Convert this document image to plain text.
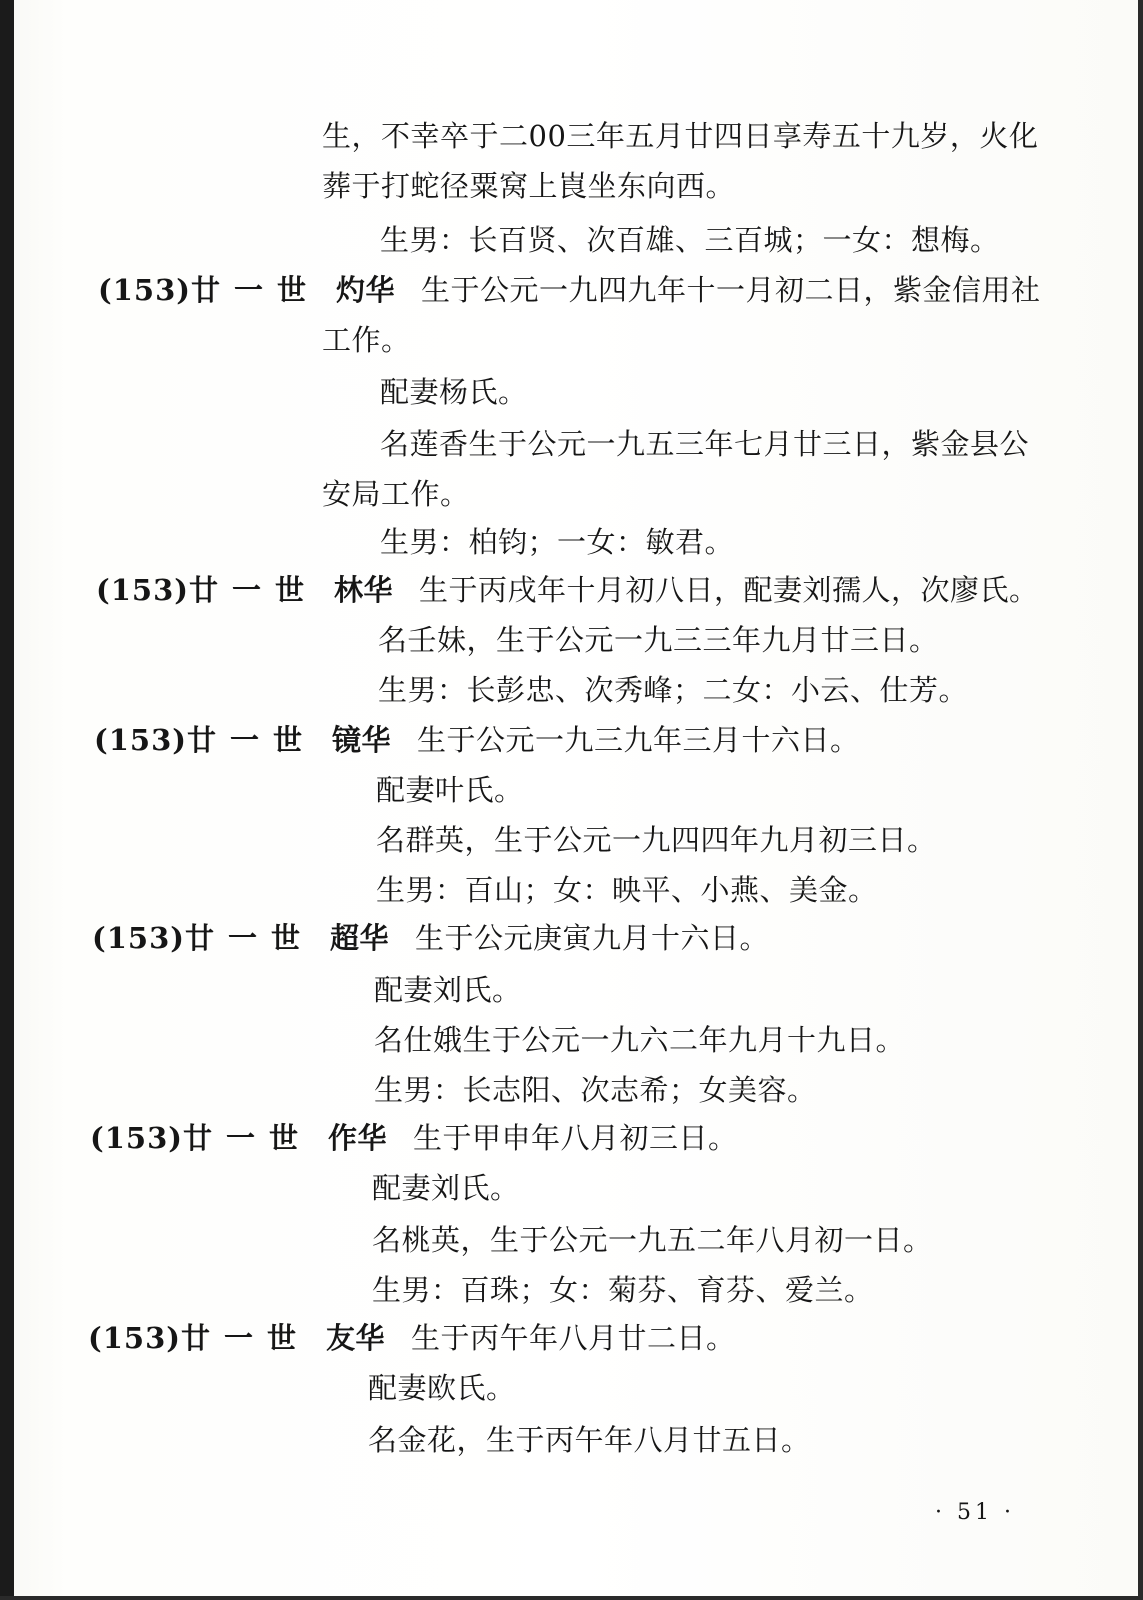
生，不幸卒于二00三年五月廿四日享寿五十九岁，火化
葬于打蛇径粟窝上崀坐东向西。
生男：长百贤、次百雄、三百城；一女：想梅。
(153)廿一世 灼华 生于公元一九四九年十一月初二日，紫金信用社
工作。
配妻杨氏。
名莲香生于公元一九五三年七月廿三日，紫金县公
安局工作。
生男：柏钧；一女：敏君。
(153)廿一世 林华 生于丙戌年十月初八日，配妻刘孺人，次廖氏。
名壬妹，生于公元一九三三年九月廿三日。
生男：长彭忠、次秀峰；二女：小云、仕芳。
(153)廿一世 镜华 生于公元一九三九年三月十六日。
配妻叶氏。
名群英，生于公元一九四四年九月初三日。
生男：百山；女：映平、小燕、美金。
(153)廿一世 超华 生于公元庚寅九月十六日。
配妻刘氏。
名仕娥生于公元一九六二年九月十九日。
生男：长志阳、次志希；女美容。
(153)廿一世 作华 生于甲申年八月初三日。
配妻刘氏。
名桃英，生于公元一九五二年八月初一日。
生男：百珠；女：菊芬、育芬、爱兰。
(153)廿一世 友华 生于丙午年八月廿二日。
配妻欧氏。
名金花，生于丙午年八月廿五日。
· 51 ·
